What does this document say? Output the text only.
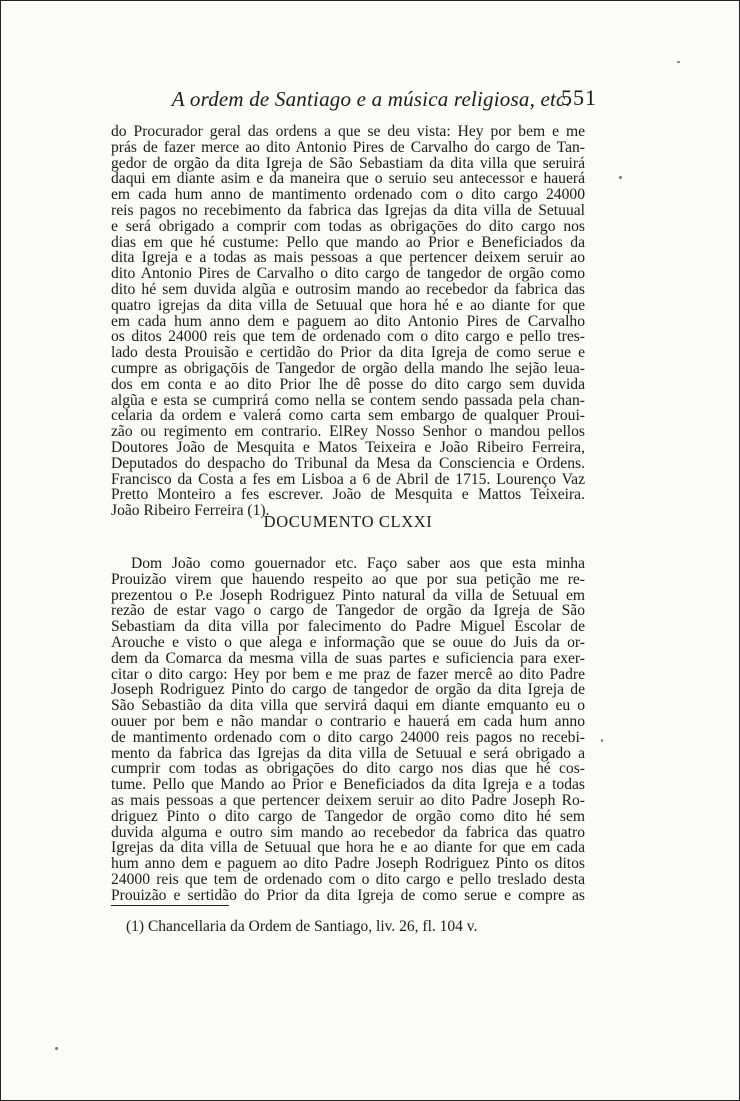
A ordem de Santiago e a música religiosa, etc.
551
do Procurador geral das ordens a que se deu vista: Hey por bem e me
prás de fazer merce ao dito Antonio Pires de Carvalho do cargo de Tan-
gedor de orgão da dita Igreja de São Sebastiam da dita villa que seruirá
daqui em diante asim e da maneira que o seruio seu antecessor e hauerá
em cada hum anno de mantimento ordenado com o dito cargo 24000
reis pagos no recebimento da fabrica das Igrejas da dita villa de Setuual
e será obrigado a comprir com todas as obrigaçōes do dito cargo nos
dias em que hé custume: Pello que mando ao Prior e Beneficiados da
dita Igreja e a todas as mais pessoas a que pertencer deixem seruir ao
dito Antonio Pires de Carvalho o dito cargo de tangedor de orgão como
dito hé sem duvida algũa e outrosim mando ao recebedor da fabrica das
quatro igrejas da dita villa de Setuual que hora hé e ao diante for que
em cada hum anno dem e paguem ao dito Antonio Pires de Carvalho
os ditos 24000 reis que tem de ordenado com o dito cargo e pello tres-
lado desta Prouisão e certidão do Prior da dita Igreja de como serue e
cumpre as obrigaçōis de Tangedor de orgão della mando lhe sejão leua-
dos em conta e ao dito Prior lhe dê posse do dito cargo sem duvida
algũa e esta se cumprirá como nella se contem sendo passada pela chan-
celaria da ordem e valerá como carta sem embargo de qualquer Proui-
zão ou regimento em contrario. ElRey Nosso Senhor o mandou pellos
Doutores João de Mesquita e Matos Teixeira e João Ribeiro Ferreira,
Deputados do despacho do Tribunal da Mesa da Consciencia e Ordens.
Francisco da Costa a fes em Lisboa a 6 de Abril de 1715. Lourenço Vaz
Pretto Monteiro a fes escrever. João de Mesquita e Mattos Teixeira.
João Ribeiro Ferreira (1).
DOCUMENTO CLXXI
Dom João como gouernador etc. Faço saber aos que esta minha
Prouizão virem que hauendo respeito ao que por sua petição me re-
prezentou o P.e Joseph Rodriguez Pinto natural da villa de Setuual em
rezão de estar vago o cargo de Tangedor de orgão da Igreja de São
Sebastiam da dita villa por falecimento do Padre Miguel Escolar de
Arouche e visto o que alega e informação que se ouue do Juis da or-
dem da Comarca da mesma villa de suas partes e suficiencia para exer-
citar o dito cargo: Hey por bem e me praz de fazer mercê ao dito Padre
Joseph Rodriguez Pinto do cargo de tangedor de orgão da dita Igreja de
São Sebastião da dita villa que servirá daqui em diante emquanto eu o
ouuer por bem e não mandar o contrario e hauerá em cada hum anno
de mantimento ordenado com o dito cargo 24000 reis pagos no recebi-
mento da fabrica das Igrejas da dita villa de Setuual e será obrigado a
cumprir com todas as obrigaçōes do dito cargo nos dias que hé cos-
tume. Pello que Mando ao Prior e Beneficiados da dita Igreja e a todas
as mais pessoas a que pertencer deixem seruir ao dito Padre Joseph Ro-
driguez Pinto o dito cargo de Tangedor de orgão como dito hé sem
duvida alguma e outro sim mando ao recebedor da fabrica das quatro
Igrejas da dita villa de Setuual que hora he e ao diante for que em cada
hum anno dem e paguem ao dito Padre Joseph Rodriguez Pinto os ditos
24000 reis que tem de ordenado com o dito cargo e pello treslado desta
Prouizão e sertidão do Prior da dita Igreja de como serue e compre as
(1) Chancellaria da Ordem de Santiago, liv. 26, fl. 104 v.
